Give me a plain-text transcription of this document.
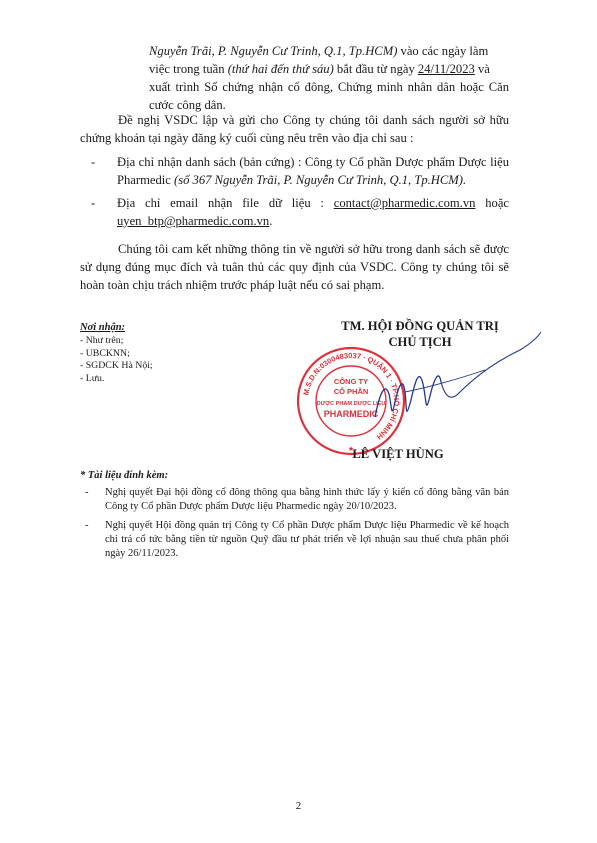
Nguyễn Trãi, P. Nguyễn Cư Trinh, Q.1, Tp.HCM) vào các ngày làm
việc trong tuần (thứ hai đến thứ sáu) bắt đầu từ ngày 24/11/2023 và
xuất trình Sổ chứng nhận cổ đông, Chứng minh nhân dân hoặc Căn cước công dân.
Đề nghị VSDC lập và gửi cho Công ty chúng tôi danh sách người sở hữu chứng khoán tại ngày đăng ký cuối cùng nêu trên vào địa chỉ sau :
- Địa chỉ nhận danh sách (bản cứng) : Công ty Cổ phần Dược phẩm Dược liệu Pharmedic (số 367 Nguyễn Trãi, P. Nguyễn Cư Trinh, Q.1, Tp.HCM).
- Địa chỉ email nhận file dữ liệu : contact@pharmedic.com.vn hoặc uyen_btp@pharmedic.com.vn.
Chúng tôi cam kết những thông tin về người sở hữu trong danh sách sẽ được sử dụng đúng mục đích và tuân thủ các quy định của VSDC. Công ty chúng tôi sẽ hoàn toàn chịu trách nhiệm trước pháp luật nếu có sai phạm.
Nơi nhận:
- Như trên;
- UBCKNN;
- SGDCK Hà Nội;
- Lưu.
M.S.D.N:0300483037 · QUẬN 1 · TP.HỒ CHÍ MINH
CÔNG TY
CỔ PHẦN
DƯỢC PHẨM DƯỢC LIỆU
PHARMEDIC
★
TM. HỘI ĐỒNG QUẢN TRỊ
CHỦ TỊCH
LÊ VIỆT HÙNG
* Tài liệu đính kèm:
- Nghị quyết Đại hội đồng cổ đông thông qua bằng hình thức lấy ý kiến cổ đông bằng văn bản Công ty Cổ phần Dược phẩm Dược liệu Pharmedic ngày 20/10/2023.
- Nghị quyết Hội đồng quản trị Công ty Cổ phần Dược phẩm Dược liệu Pharmedic về kế hoạch chi trả cổ tức bằng tiền từ nguồn Quỹ đầu tư phát triển về lợi nhuận sau thuế chưa phân phối ngày 26/11/2023.
2
